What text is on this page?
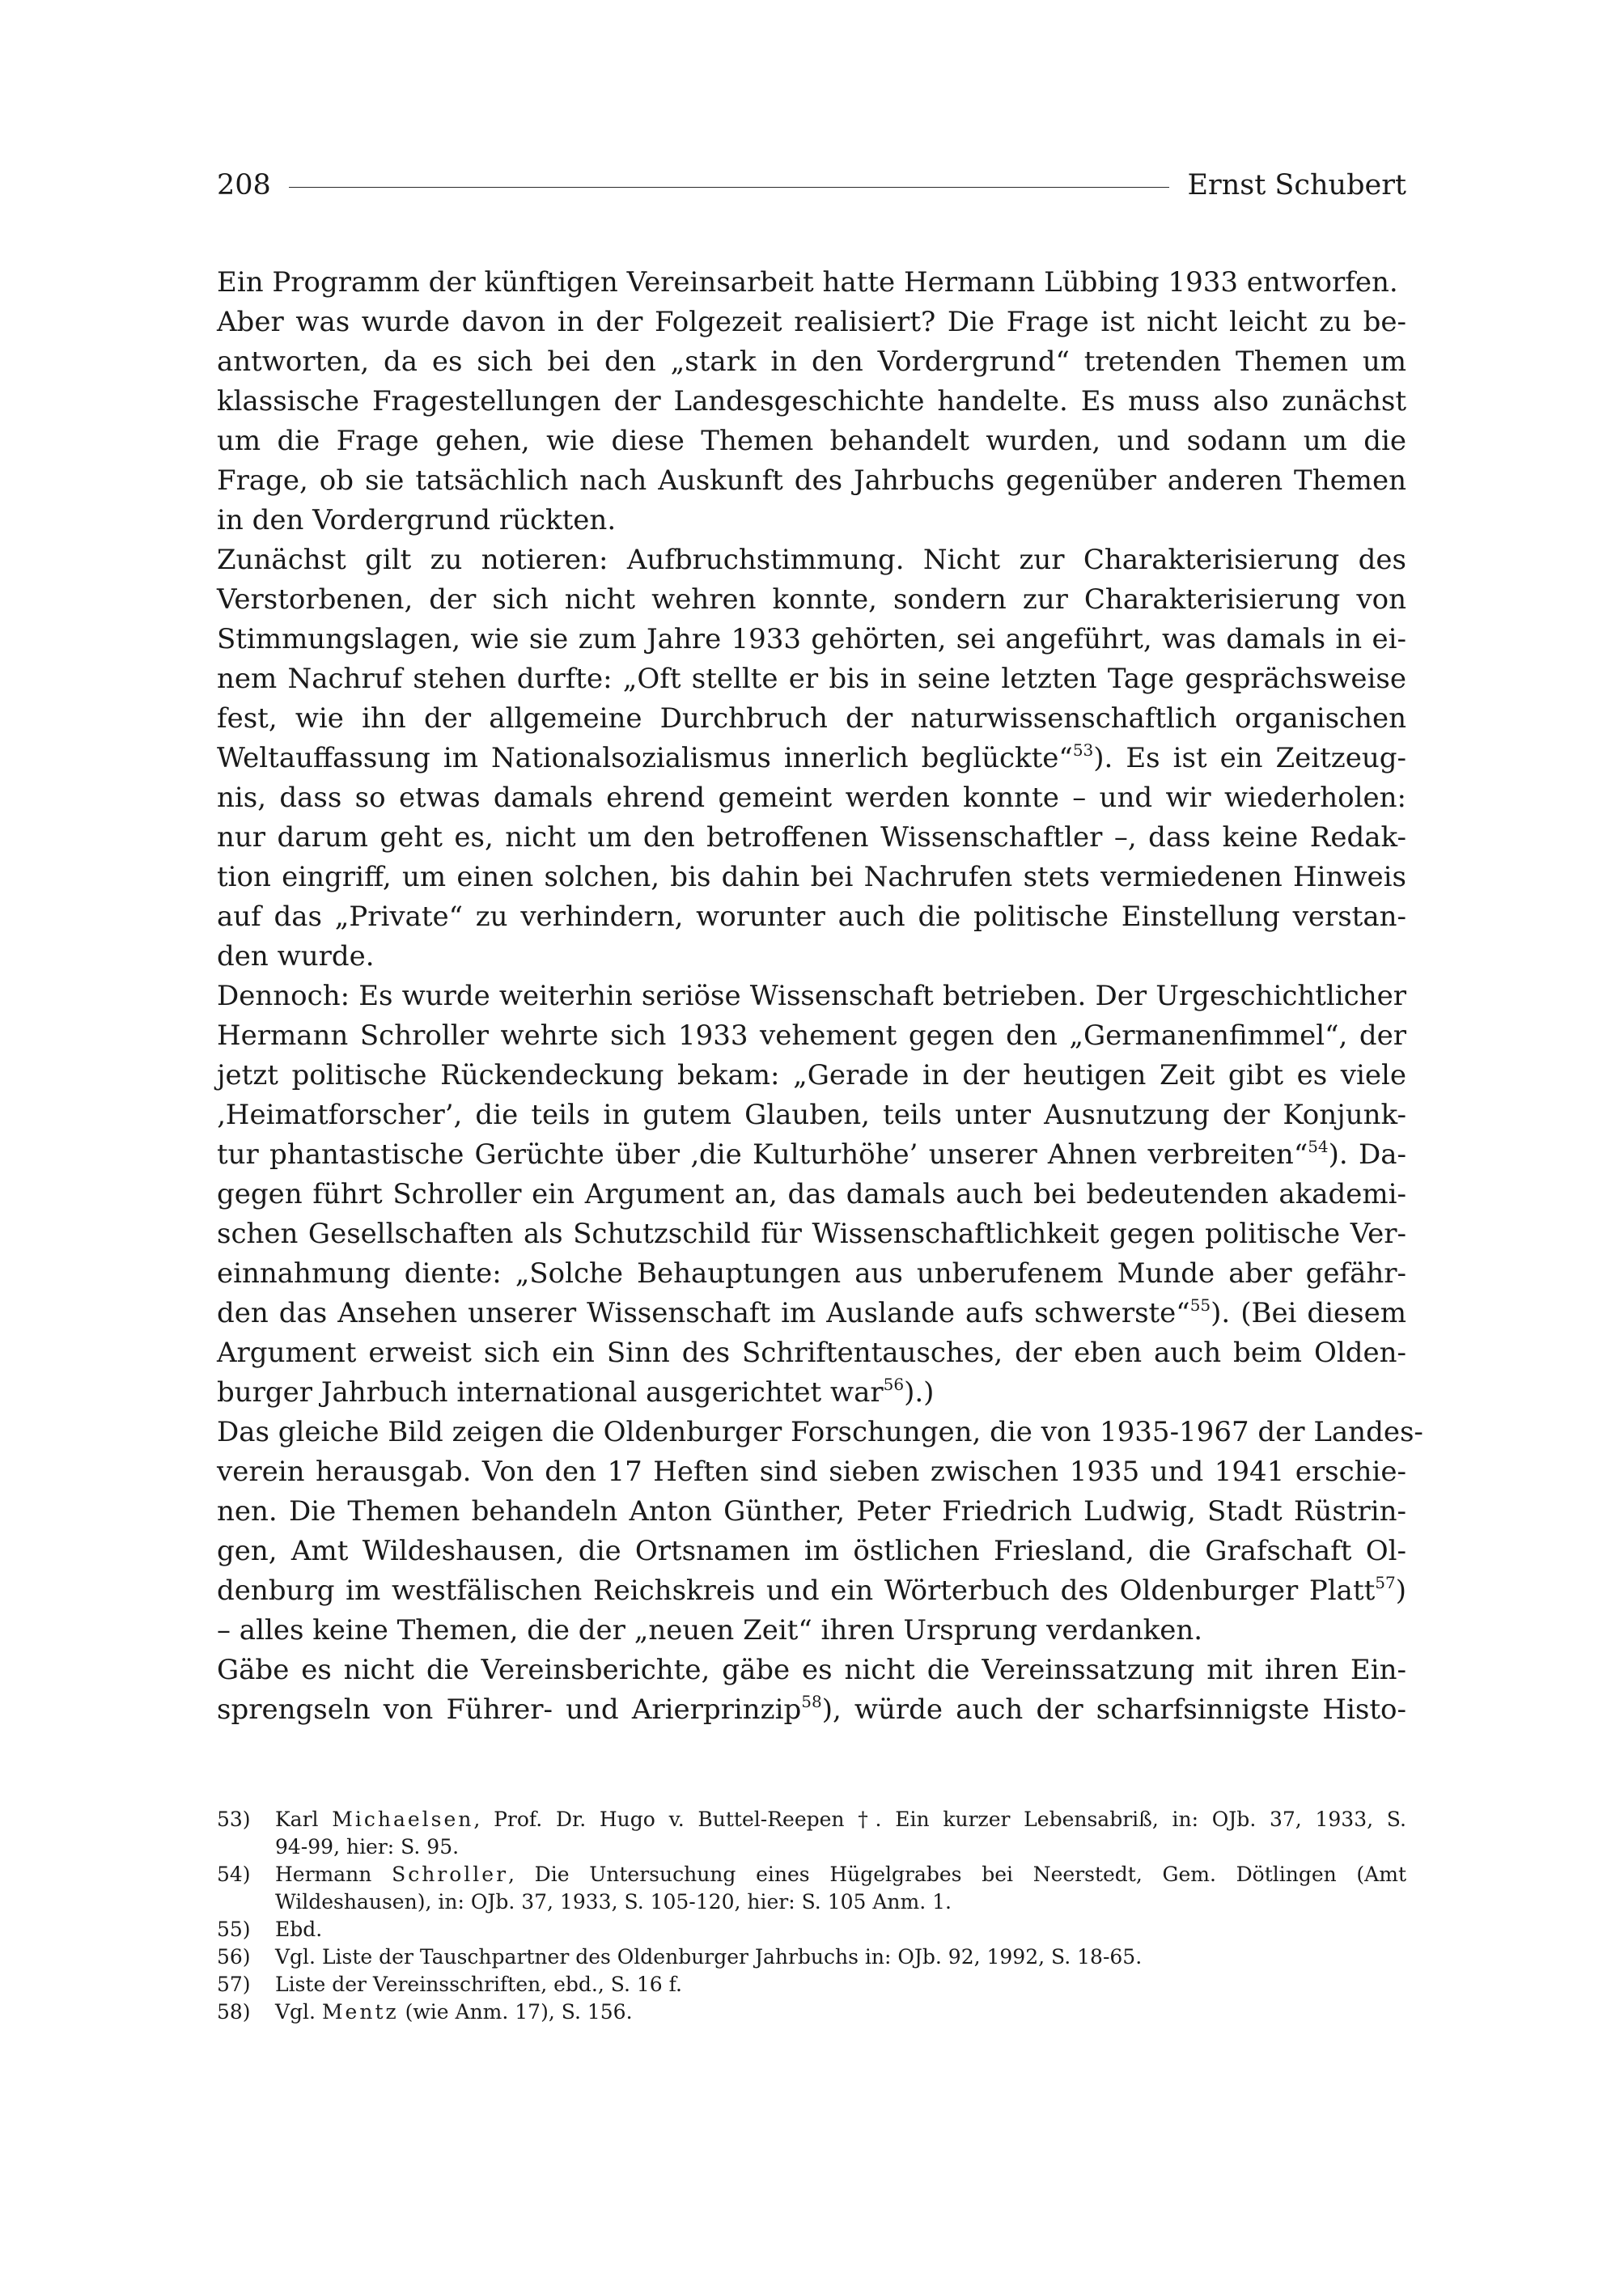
208	Ernst Schubert
Ein Programm der künftigen Vereinsarbeit hatte Hermann Lübbing 1933 entworfen.
Aber was wurde davon in der Folgezeit realisiert? Die Frage ist nicht leicht zu be-
antworten, da es sich bei den „stark in den Vordergrund“ tretenden Themen um
klassische Fragestellungen der Landesgeschichte handelte. Es muss also zunächst
um die Frage gehen, wie diese Themen behandelt wurden, und sodann um die
Frage, ob sie tatsächlich nach Auskunft des Jahrbuchs gegenüber anderen Themen
in den Vordergrund rückten.
Zunächst gilt zu notieren: Aufbruchstimmung. Nicht zur Charakterisierung des
Verstorbenen, der sich nicht wehren konnte, sondern zur Charakterisierung von
Stimmungslagen, wie sie zum Jahre 1933 gehörten, sei angeführt, was damals in ei-
nem Nachruf stehen durfte: „Oft stellte er bis in seine letzten Tage gesprächsweise
fest, wie ihn der allgemeine Durchbruch der naturwissenschaftlich organischen
Weltauffassung im Nationalsozialismus innerlich beglückte“$^{53}$). Es ist ein Zeitzeug-
nis, dass so etwas damals ehrend gemeint werden konnte – und wir wiederholen:
nur darum geht es, nicht um den betroffenen Wissenschaftler –, dass keine Redak-
tion eingriff, um einen solchen, bis dahin bei Nachrufen stets vermiedenen Hinweis
auf das „Private“ zu verhindern, worunter auch die politische Einstellung verstan-
den wurde.
Dennoch: Es wurde weiterhin seriöse Wissenschaft betrieben. Der Urgeschichtlicher
Hermann Schroller wehrte sich 1933 vehement gegen den „Germanenfimmel“, der
jetzt politische Rückendeckung bekam: „Gerade in der heutigen Zeit gibt es viele
‚Heimatforscher’, die teils in gutem Glauben, teils unter Ausnutzung der Konjunk-
tur phantastische Gerüchte über ‚die Kulturhöhe’ unserer Ahnen verbreiten“$^{54}$). Da-
gegen führt Schroller ein Argument an, das damals auch bei bedeutenden akademi-
schen Gesellschaften als Schutzschild für Wissenschaftlichkeit gegen politische Ver-
einnahmung diente: „Solche Behauptungen aus unberufenem Munde aber gefähr-
den das Ansehen unserer Wissenschaft im Auslande aufs schwerste“$^{55}$). (Bei diesem
Argument erweist sich ein Sinn des Schriftentausches, der eben auch beim Olden-
burger Jahrbuch international ausgerichtet war$^{56}$).)
Das gleiche Bild zeigen die Oldenburger Forschungen, die von 1935-1967 der Landes-
verein herausgab. Von den 17 Heften sind sieben zwischen 1935 und 1941 erschie-
nen. Die Themen behandeln Anton Günther, Peter Friedrich Ludwig, Stadt Rüstrin-
gen, Amt Wildeshausen, die Ortsnamen im östlichen Friesland, die Grafschaft Ol-
denburg im westfälischen Reichskreis und ein Wörterbuch des Oldenburger Platt$^{57}$)
– alles keine Themen, die der „neuen Zeit“ ihren Ursprung verdanken.
Gäbe es nicht die Vereinsberichte, gäbe es nicht die Vereinssatzung mit ihren Ein-
sprengseln von Führer- und Arierprinzip$^{58}$), würde auch der scharfsinnigste Histo-
53)	Karl Michaelsen, Prof. Dr. Hugo v. Buttel-Reepen †. Ein kurzer Lebensabriß, in: OJb. 37, 1933, S.
94-99, hier: S. 95.
54)	Hermann Schroller, Die Untersuchung eines Hügelgrabes bei Neerstedt, Gem. Dötlingen (Amt
Wildeshausen), in: OJb. 37, 1933, S. 105-120, hier: S. 105 Anm. 1.
55)	Ebd.
56)	Vgl. Liste der Tauschpartner des Oldenburger Jahrbuchs in: OJb. 92, 1992, S. 18-65.
57)	Liste der Vereinsschriften, ebd., S. 16 f.
58)	Vgl. Mentz (wie Anm. 17), S. 156.
